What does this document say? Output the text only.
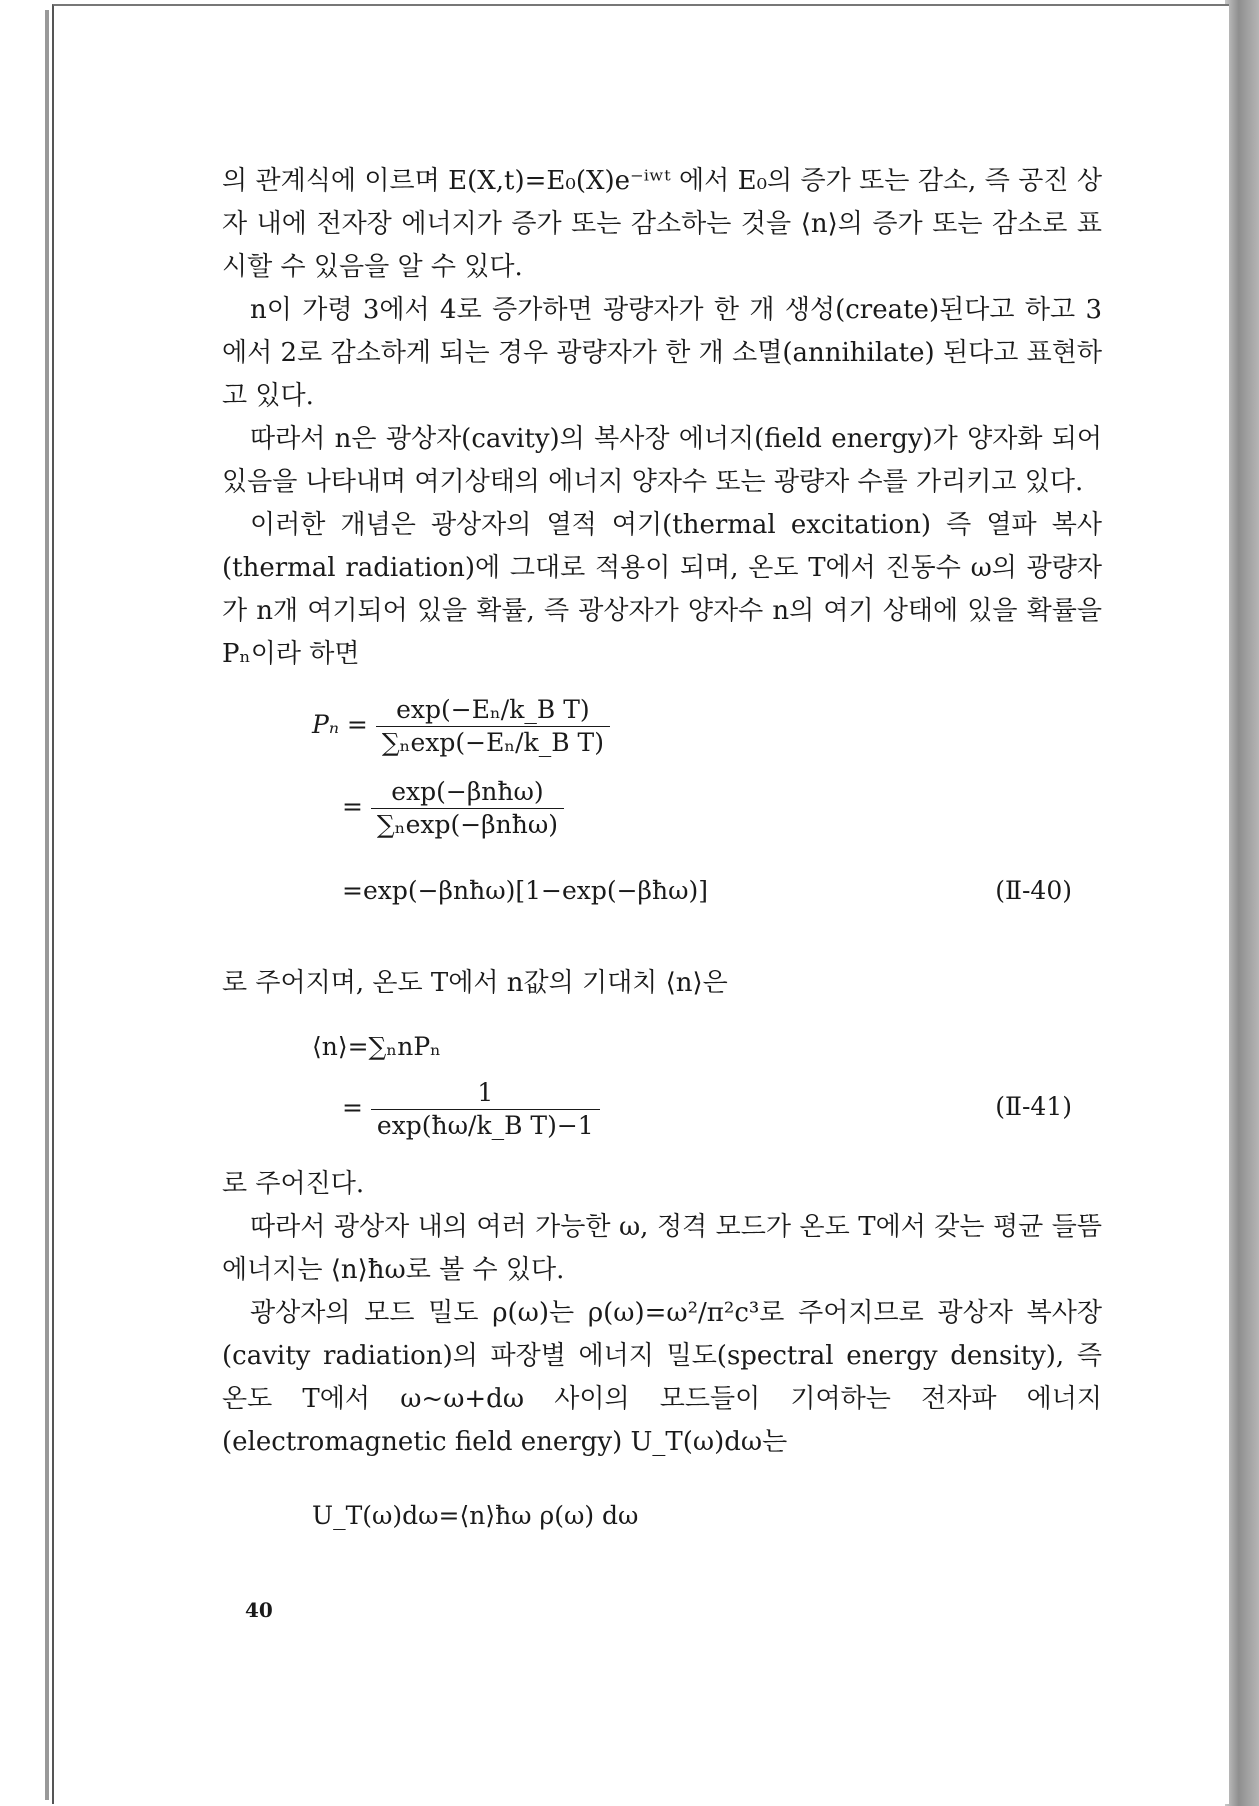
의 관계식에 이르며 E(X,t)=E₀(X)e⁻ⁱʷᵗ 에서 E₀의 증가 또는 감소, 즉 공진 상자 내에 전자장 에너지가 증가 또는 감소하는 것을 ⟨n⟩의 증가 또는 감소로 표시할 수 있음을 알 수 있다.

n이 가령 3에서 4로 증가하면 광량자가 한 개 생성(create)된다고 하고 3에서 2로 감소하게 되는 경우 광량자가 한 개 소멸(annihilate) 된다고 표현하고 있다.

따라서 n은 광상자(cavity)의 복사장 에너지(field energy)가 양자화 되어 있음을 나타내며 여기상태의 에너지 양자수 또는 광량자 수를 가리키고 있다.

이러한 개념은 광상자의 열적 여기(thermal excitation) 즉 열파 복사 (thermal radiation)에 그대로 적용이 되며, 온도 T에서 진동수 ω의 광량자가 n개 여기되어 있을 확률, 즉 광상자가 양자수 n의 여기 상태에 있을 확률을 Pₙ이라 하면

$P_n = \frac{\text{exp(−Eₙ/k\_B T)}}{\text{∑ₙexp(−Eₙ/k\_B T)}}$
= $\frac{\text{exp(−βnħω)}}{\text{∑ₙexp(−βnħω)}}$
=exp(−βnħω)[1−exp(−βħω)]	(Ⅱ-40)

로 주어지며, 온도 T에서 n값의 기대치 ⟨n⟩은

⟨n⟩=∑ₙnPₙ
= $\frac{1}{\text{exp(ħω/k\_B T)−1}}$	(Ⅱ-41)

로 주어진다.

따라서 광상자 내의 여러 가능한 ω, 정격 모드가 온도 T에서 갖는 평균 들뜸에너지는 ⟨n⟩ħω로 볼 수 있다.

광상자의 모드 밀도 ρ(ω)는 ρ(ω)=ω²/π²c³로 주어지므로 광상자 복사장(cavity radiation)의 파장별 에너지 밀도(spectral energy density), 즉 온도 T에서 ω~ω+dω 사이의 모드들이 기여하는 전자파 에너지 (electromagnetic field energy) U_T(ω)dω는

U_T(ω)dω=⟨n⟩ħω ρ(ω) dω
40
